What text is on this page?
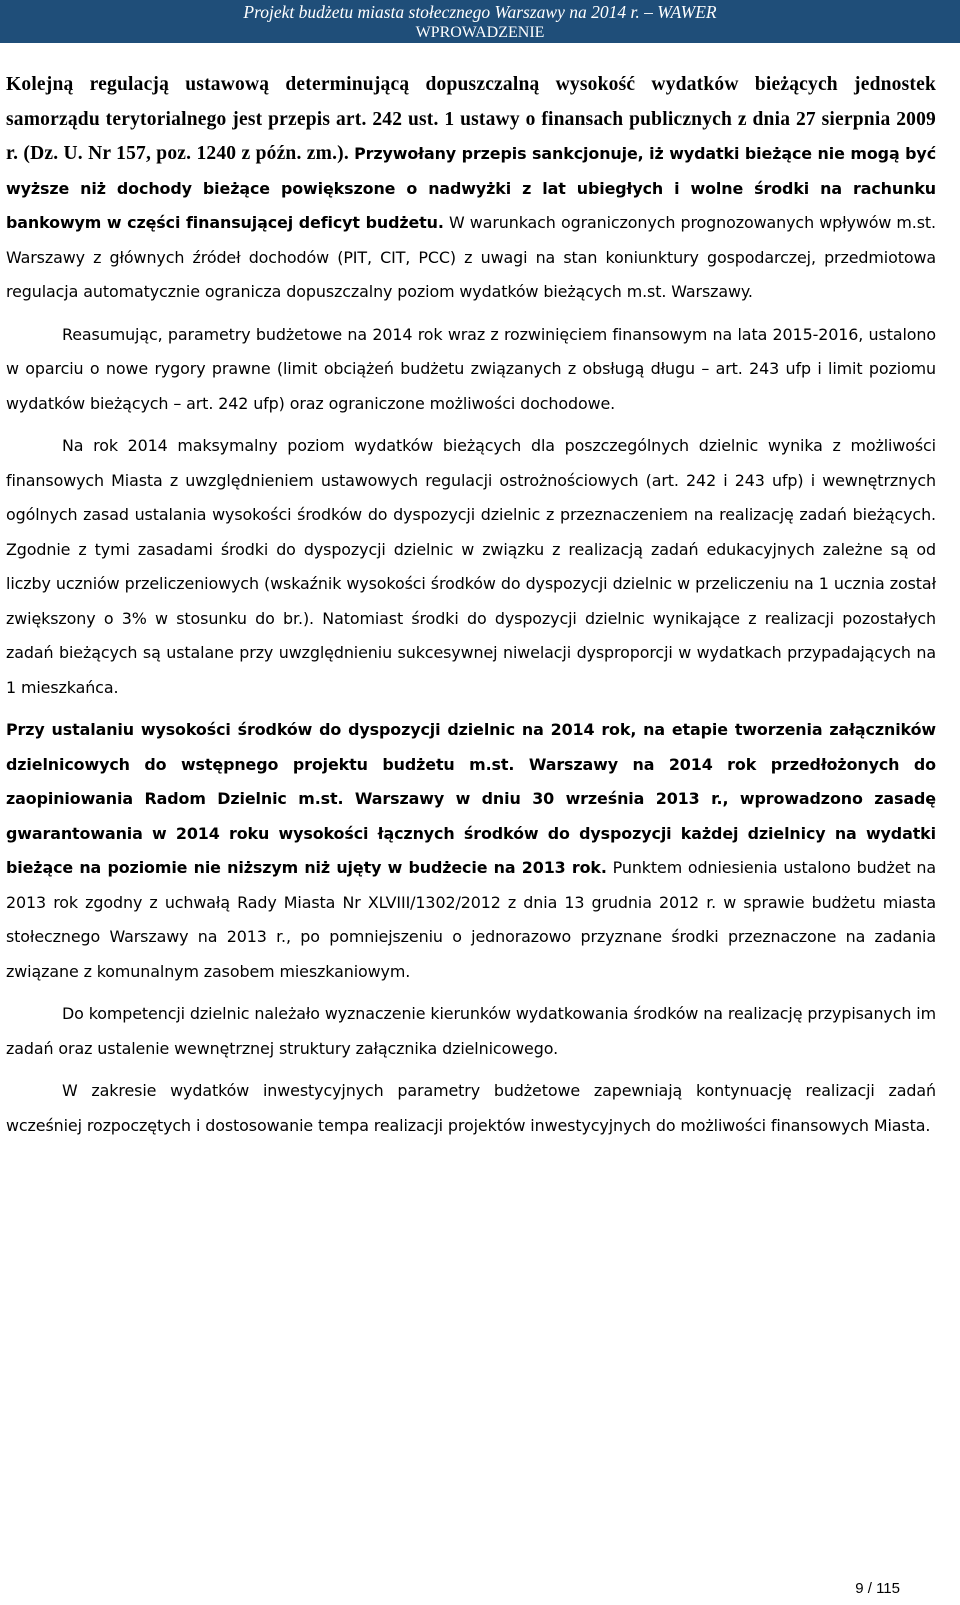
Projekt budżetu miasta stołecznego Warszawy na 2014 r. – WAWER
WPROWADZENIE

Kolejną regulacją ustawową determinującą dopuszczalną wysokość wydatków bieżących jednostek samorządu terytorialnego jest przepis art. 242 ust. 1 ustawy o finansach publicznych z dnia 27 sierpnia 2009 r. (Dz. U. Nr 157, poz. 1240 z późn. zm.). Przywołany przepis sankcjonuje, iż wydatki bieżące nie mogą być wyższe niż dochody bieżące powiększone o nadwyżki z lat ubiegłych i wolne środki na rachunku bankowym w części finansującej deficyt budżetu. W warunkach ograniczonych prognozowanych wpływów m.st. Warszawy z głównych źródeł dochodów (PIT, CIT, PCC) z uwagi na stan koniunktury gospodarczej, przedmiotowa regulacja automatycznie ogranicza dopuszczalny poziom wydatków bieżących m.st. Warszawy.

Reasumując, parametry budżetowe na 2014 rok wraz z rozwinięciem finansowym na lata 2015-2016, ustalono w oparciu o nowe rygory prawne (limit obciążeń budżetu związanych z obsługą długu – art. 243 ufp i limit poziomu wydatków bieżących – art. 242 ufp) oraz ograniczone możliwości dochodowe.

Na rok 2014 maksymalny poziom wydatków bieżących dla poszczególnych dzielnic wynika z możliwości finansowych Miasta z uwzględnieniem ustawowych regulacji ostrożnościowych (art. 242 i 243 ufp) i wewnętrznych ogólnych zasad ustalania wysokości środków do dyspozycji dzielnic z przeznaczeniem na realizację zadań bieżących. Zgodnie z tymi zasadami środki do dyspozycji dzielnic w związku z realizacją zadań edukacyjnych zależne są od liczby uczniów przeliczeniowych (wskaźnik wysokości środków do dyspozycji dzielnic w przeliczeniu na 1 ucznia został zwiększony o 3% w stosunku do br.). Natomiast środki do dyspozycji dzielnic wynikające z realizacji pozostałych zadań bieżących są ustalane przy uwzględnieniu sukcesywnej niwelacji dysproporcji w wydatkach przypadających na 1 mieszkańca.

Przy ustalaniu wysokości środków do dyspozycji dzielnic na 2014 rok, na etapie tworzenia załączników dzielnicowych do wstępnego projektu budżetu m.st. Warszawy na 2014 rok przedłożonych do zaopiniowania Radom Dzielnic m.st. Warszawy w dniu 30 września 2013 r., wprowadzono zasadę gwarantowania w 2014 roku wysokości łącznych środków do dyspozycji każdej dzielnicy na wydatki bieżące na poziomie nie niższym niż ujęty w budżecie na 2013 rok. Punktem odniesienia ustalono budżet na 2013 rok zgodny z uchwałą Rady Miasta Nr XLVIII/1302/2012 z dnia 13 grudnia 2012 r. w sprawie budżetu miasta stołecznego Warszawy na 2013 r., po pomniejszeniu o jednorazowo przyznane środki przeznaczone na zadania związane z komunalnym zasobem mieszkaniowym.

Do kompetencji dzielnic należało wyznaczenie kierunków wydatkowania środków na realizację przypisanych im zadań oraz ustalenie wewnętrznej struktury załącznika dzielnicowego.

W zakresie wydatków inwestycyjnych parametry budżetowe zapewniają kontynuację realizacji zadań wcześniej rozpoczętych i dostosowanie tempa realizacji projektów inwestycyjnych do możliwości finansowych Miasta.

9 / 115
